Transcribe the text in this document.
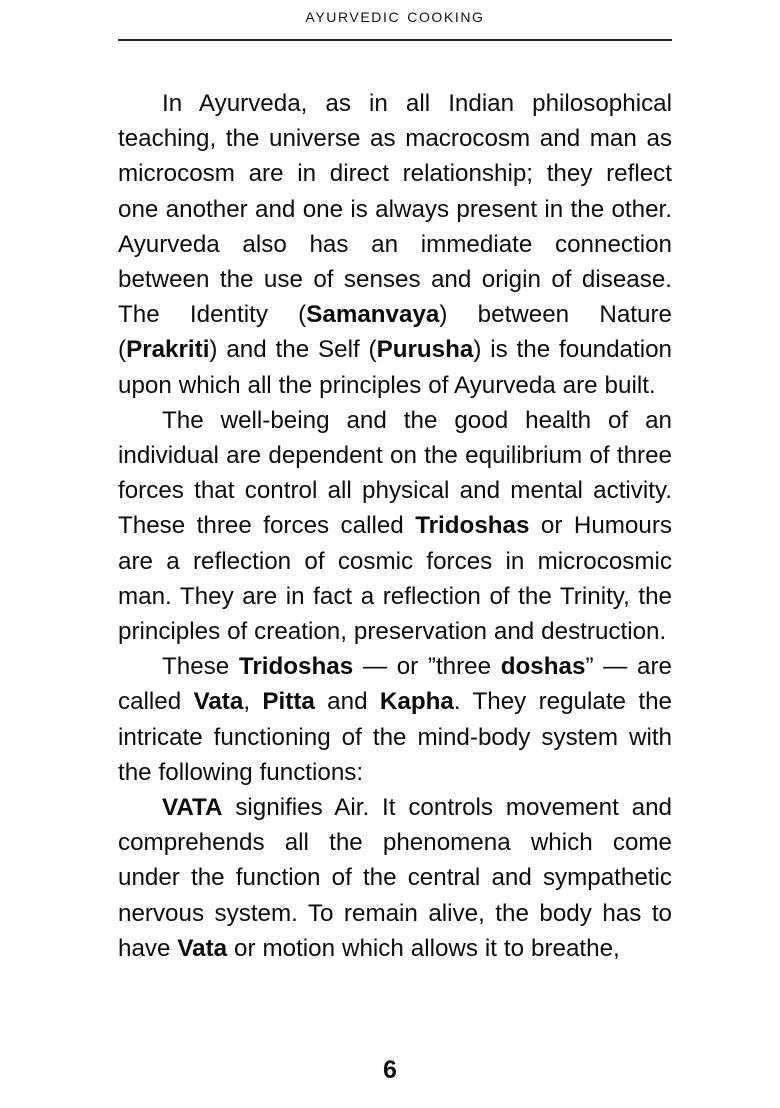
ayurvedic cooking

In Ayurveda, as in all Indian philosophical teaching, the universe as macrocosm and man as microcosm are in direct relationship; they reflect one another and one is always present in the other. Ayurveda also has an immediate connection between the use of senses and origin of disease. The Identity (Samanvaya) between Nature (Prakriti) and the Self (Purusha) is the foundation upon which all the principles of Ayurveda are built.

The well-being and the good health of an individual are dependent on the equilibrium of three forces that control all physical and mental activity. These three forces called Tridoshas or Humours are a reflection of cosmic forces in microcosmic man. They are in fact a reflection of the Trinity, the principles of creation, preservation and destruction.

These Tridoshas — or ”three doshas” — are called Vata, Pitta and Kapha. They regulate the intricate functioning of the mind-body system with the following functions:

VATA signifies Air. It controls movement and comprehends all the phenomena which come under the function of the central and sympathetic nervous system. To remain alive, the body has to have Vata or motion which allows it to breathe,

6
